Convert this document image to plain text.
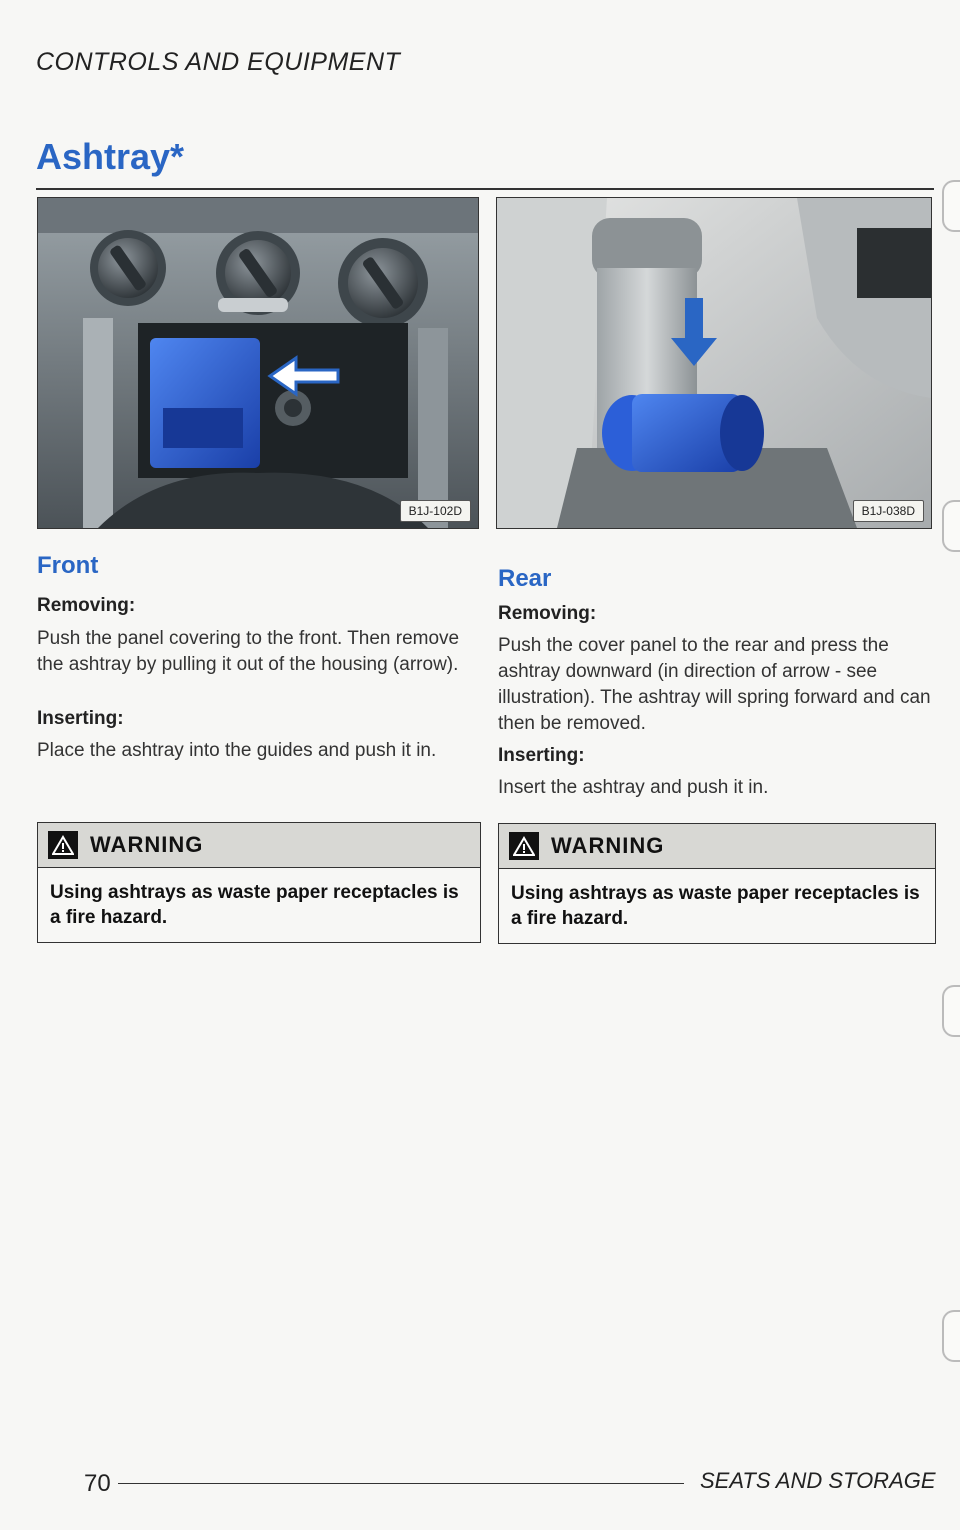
CONTROLS AND EQUIPMENT
Ashtray*
B1J-102D	B1J-038D
Front
Removing:
Push the panel covering to the front. Then remove the ashtray by pulling it out of the housing (arrow).
Inserting:
Place the ashtray into the guides and push it in.
WARNING
Using ashtrays as waste paper receptacles is a fire hazard.
Rear
Removing:
Push the cover panel to the rear and press the ashtray downward (in direction of arrow - see illustration). The ashtray will spring forward and can then be removed.
Inserting:
Insert the ashtray and push it in.
WARNING
Using ashtrays as waste paper receptacles is a fire hazard.
70	SEATS AND STORAGE
